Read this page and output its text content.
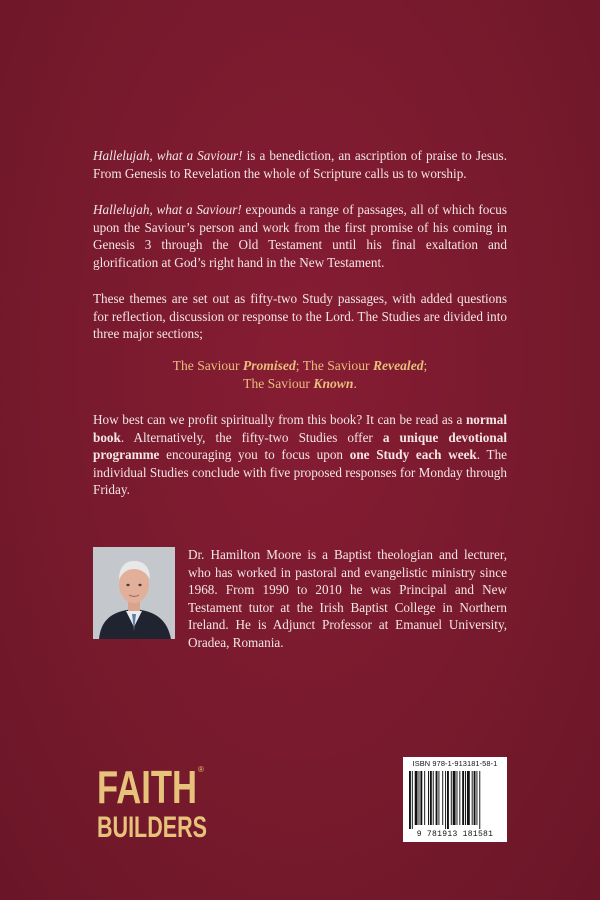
Hallelujah, what a Saviour! is a benediction, an ascription of praise to Jesus. From Genesis to Revelation the whole of Scripture calls us to worship.

Hallelujah, what a Saviour! expounds a range of passages, all of which focus upon the Saviour’s person and work from the first promise of his coming in Genesis 3 through the Old Testament until his final exaltation and glorification at God’s right hand in the New Testament.

These themes are set out as fifty-two Study passages, with added questions for reflection, discussion or response to the Lord. The Studies are divided into three major sections;

The Saviour Promised; The Saviour Revealed;
The Saviour Known.

How best can we profit spiritually from this book? It can be read as a normal book. Alternatively, the fifty-two Studies offer a unique devotional programme encouraging you to focus upon one Study each week. The individual Studies conclude with five proposed responses for Monday through Friday.

Dr. Hamilton Moore is a Baptist theologian and lecturer, who has worked in pastoral and evangelistic ministry since 1968. From 1990 to 2010 he was Principal and New Testament tutor at the Irish Baptist College in Northern Ireland. He is Adjunct Professor at Emanuel University, Oradea, Romania.

FAITH ®
BUILDERS
ISBN 978-1-913181-58-1
9 781913 181581
